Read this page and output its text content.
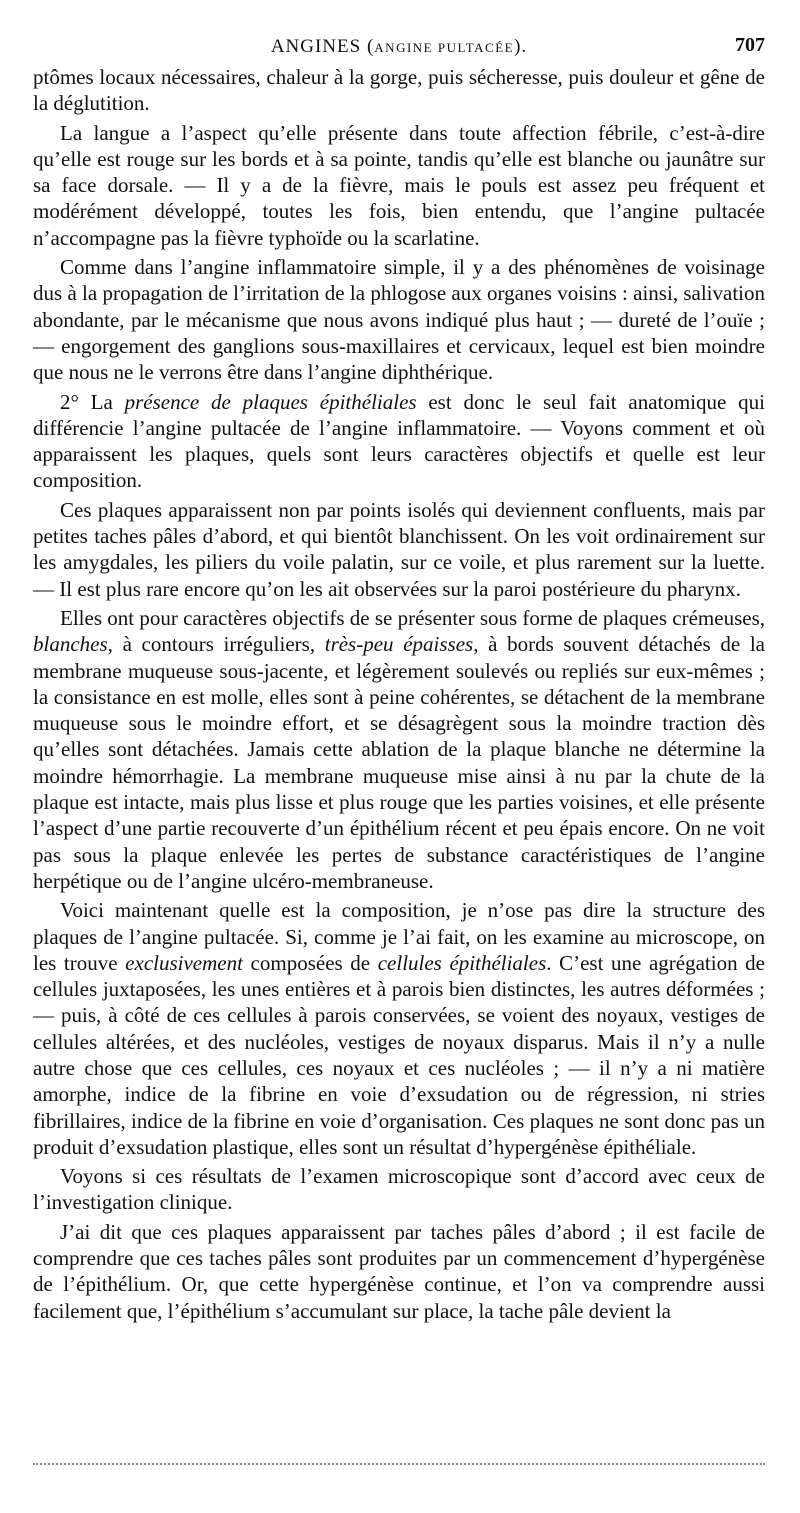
ANGINES (ANGINE PULTACÉE).	707

ptômes locaux nécessaires, chaleur à la gorge, puis sécheresse, puis douleur et gêne de la déglutition.

La langue a l’aspect qu’elle présente dans toute affection fébrile, c’est-à-dire qu’elle est rouge sur les bords et à sa pointe, tandis qu’elle est blanche ou jaunâtre sur sa face dorsale. — Il y a de la fièvre, mais le pouls est assez peu fréquent et modérément développé, toutes les fois, bien entendu, que l’angine pultacée n’accompagne pas la fièvre typhoïde ou la scarlatine.

Comme dans l’angine inflammatoire simple, il y a des phénomènes de voisinage dus à la propagation de l’irritation de la phlogose aux organes voisins : ainsi, salivation abondante, par le mécanisme que nous avons indiqué plus haut ; — dureté de l’ouïe ; — engorgement des ganglions sous-maxillaires et cervicaux, lequel est bien moindre que nous ne le verrons être dans l’angine diphthérique.

2° La présence de plaques épithéliales est donc le seul fait anatomique qui différencie l’angine pultacée de l’angine inflammatoire. — Voyons comment et où apparaissent les plaques, quels sont leurs caractères objectifs et quelle est leur composition.

Ces plaques apparaissent non par points isolés qui deviennent confluents, mais par petites taches pâles d’abord, et qui bientôt blanchissent. On les voit ordinairement sur les amygdales, les piliers du voile palatin, sur ce voile, et plus rarement sur la luette. — Il est plus rare encore qu’on les ait observées sur la paroi postérieure du pharynx.

Elles ont pour caractères objectifs de se présenter sous forme de plaques crémeuses, blanches, à contours irréguliers, très-peu épaisses, à bords souvent détachés de la membrane muqueuse sous-jacente, et légèrement soulevés ou repliés sur eux-mêmes ; la consistance en est molle, elles sont à peine cohérentes, se détachent de la membrane muqueuse sous le moindre effort, et se désagrègent sous la moindre traction dès qu’elles sont détachées. Jamais cette ablation de la plaque blanche ne détermine la moindre hémorrhagie. La membrane muqueuse mise ainsi à nu par la chute de la plaque est intacte, mais plus lisse et plus rouge que les parties voisines, et elle présente l’aspect d’une partie recouverte d’un épithélium récent et peu épais encore. On ne voit pas sous la plaque enlevée les pertes de substance caractéristiques de l’angine herpétique ou de l’angine ulcéro-membraneuse.

Voici maintenant quelle est la composition, je n’ose pas dire la structure des plaques de l’angine pultacée. Si, comme je l’ai fait, on les examine au microscope, on les trouve exclusivement composées de cellules épithéliales. C’est une agrégation de cellules juxtaposées, les unes entières et à parois bien distinctes, les autres déformées ; — puis, à côté de ces cellules à parois conservées, se voient des noyaux, vestiges de cellules altérées, et des nucléoles, vestiges de noyaux disparus. Mais il n’y a nulle autre chose que ces cellules, ces noyaux et ces nucléoles ; — il n’y a ni matière amorphe, indice de la fibrine en voie d’exsudation ou de régression, ni stries fibrillaires, indice de la fibrine en voie d’organisation. Ces plaques ne sont donc pas un produit d’exsudation plastique, elles sont un résultat d’hypergénèse épithéliale.

Voyons si ces résultats de l’examen microscopique sont d’accord avec ceux de l’investigation clinique.

J’ai dit que ces plaques apparaissent par taches pâles d’abord ; il est facile de comprendre que ces taches pâles sont produites par un commencement d’hypergénèse de l’épithélium. Or, que cette hypergénèse continue, et l’on va comprendre aussi facilement que, l’épithélium s’accumulant sur place, la tache pâle devient la
